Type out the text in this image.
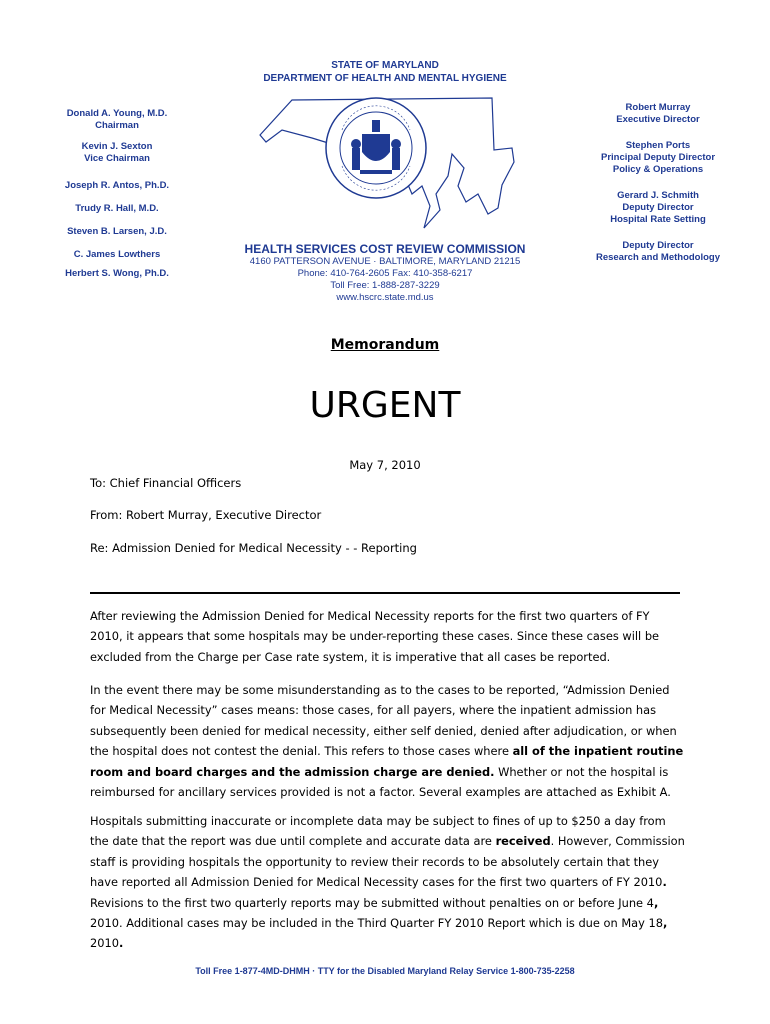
STATE OF MARYLAND
DEPARTMENT OF HEALTH AND MENTAL HYGIENE
Donald A. Young, M.D.
Chairman
Kevin J. Sexton
Vice Chairman
Joseph R. Antos, Ph.D.
Trudy R. Hall, M.D.
Steven B. Larsen, J.D.
C. James Lowthers
Herbert S. Wong, Ph.D.
Robert Murray
Executive Director
Stephen Ports
Principal Deputy Director
Policy & Operations
Gerard J. Schmith
Deputy Director
Hospital Rate Setting
Deputy Director
Research and Methodology
HEALTH SERVICES COST REVIEW COMMISSION
4160 PATTERSON AVENUE · BALTIMORE, MARYLAND 21215
Phone: 410-764-2605 Fax: 410-358-6217
Toll Free: 1-888-287-3229
www.hscrc.state.md.us
Memorandum
URGENT
May 7, 2010
To: Chief Financial Officers
From: Robert Murray, Executive Director
Re: Admission Denied for Medical Necessity - - Reporting

After reviewing the Admission Denied for Medical Necessity reports for the first two quarters of FY 2010, it appears that some hospitals may be under-reporting these cases. Since these cases will be excluded from the Charge per Case rate system, it is imperative that all cases be reported.

In the event there may be some misunderstanding as to the cases to be reported, “Admission Denied for Medical Necessity” cases means: those cases, for all payers, where the inpatient admission has subsequently been denied for medical necessity, either self denied, denied after adjudication, or when the hospital does not contest the denial. This refers to those cases where all of the inpatient routine room and board charges and the admission charge are denied. Whether or not the hospital is reimbursed for ancillary services provided is not a factor. Several examples are attached as Exhibit A.

Hospitals submitting inaccurate or incomplete data may be subject to fines of up to $250 a day from the date that the report was due until complete and accurate data are received. However, Commission staff is providing hospitals the opportunity to review their records to be absolutely certain that they have reported all Admission Denied for Medical Necessity cases for the first two quarters of FY 2010. Revisions to the first two quarterly reports may be submitted without penalties on or before June 4, 2010. Additional cases may be included in the Third Quarter FY 2010 Report which is due on May 18, 2010.

Toll Free 1-877-4MD-DHMH · TTY for the Disabled Maryland Relay Service 1-800-735-2258
